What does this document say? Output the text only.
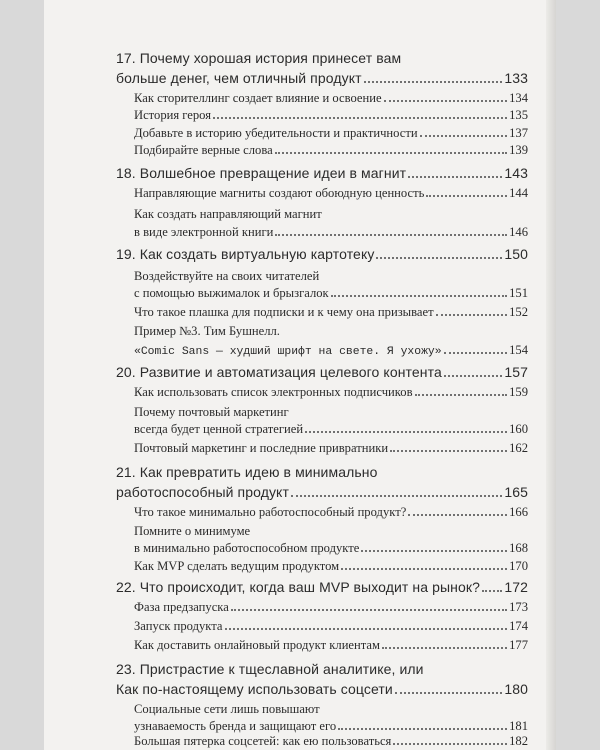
17. Почему хорошая история принесет вам
больше денег, чем отличный продукт	133
Как сторителлинг создает влияние и освоение	134
История героя	135
Добавьте в историю убедительности и практичности	137
Подбирайте верные слова	139
18. Волшебное превращение идеи в магнит	143
Направляющие магниты создают обоюдную ценность	144
Как создать направляющий магнит
в виде электронной книги	146
19. Как создать виртуальную картотеку	150
Воздействуйте на своих читателей
с помощью выжималок и брызгалок	151
Что такое плашка для подписки и к чему она призывает	152
Пример №3. Тим Бушнелл.
«Comic Sans — худший шрифт на свете. Я ухожу»	154
20. Развитие и автоматизация целевого контента	157
Как использовать список электронных подписчиков	159
Почему почтовый маркетинг
всегда будет ценной стратегией	160
Почтовый маркетинг и последние привратники	162
21. Как превратить идею в минимально
работоспособный продукт	165
Что такое минимально работоспособный продукт?	166
Помните о минимуме
в минимально работоспособном продукте	168
Как MVP сделать ведущим продуктом	170
22. Что происходит, когда ваш MVP выходит на рынок? 172
Фаза предзапуска	173
Запуск продукта	174
Как доставить онлайновый продукт клиентам	177
23. Пристрастие к тщеславной аналитике, или
Как по-настоящему использовать соцсети	180
Социальные сети лишь повышают
узнаваемость бренда и защищают его	181
Большая пятерка соцсетей: как ею пользоваться	182
